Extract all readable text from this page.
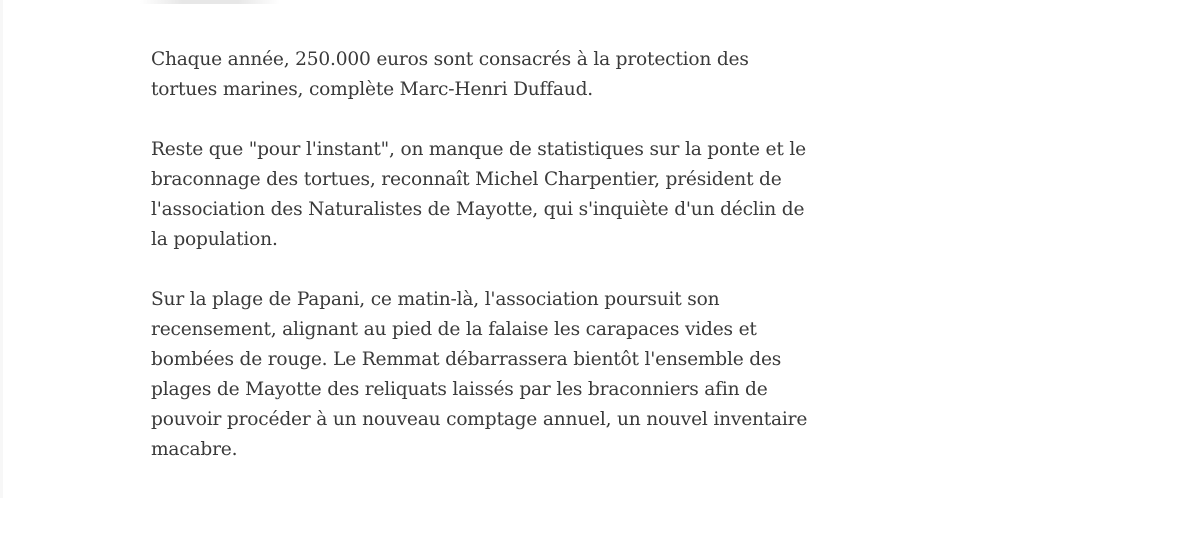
Chaque année, 250.000 euros sont consacrés à la protection des tortues marines, complète Marc-Henri Duffaud.

Reste que "pour l'instant", on manque de statistiques sur la ponte et le braconnage des tortues, reconnaît Michel Charpentier, président de l'association des Naturalistes de Mayotte, qui s'inquiète d'un déclin de la population.

Sur la plage de Papani, ce matin-là, l'association poursuit son recensement, alignant au pied de la falaise les carapaces vides et bombées de rouge. Le Remmat débarrassera bientôt l'ensemble des plages de Mayotte des reliquats laissés par les braconniers afin de pouvoir procéder à un nouveau comptage annuel, un nouvel inventaire macabre.
